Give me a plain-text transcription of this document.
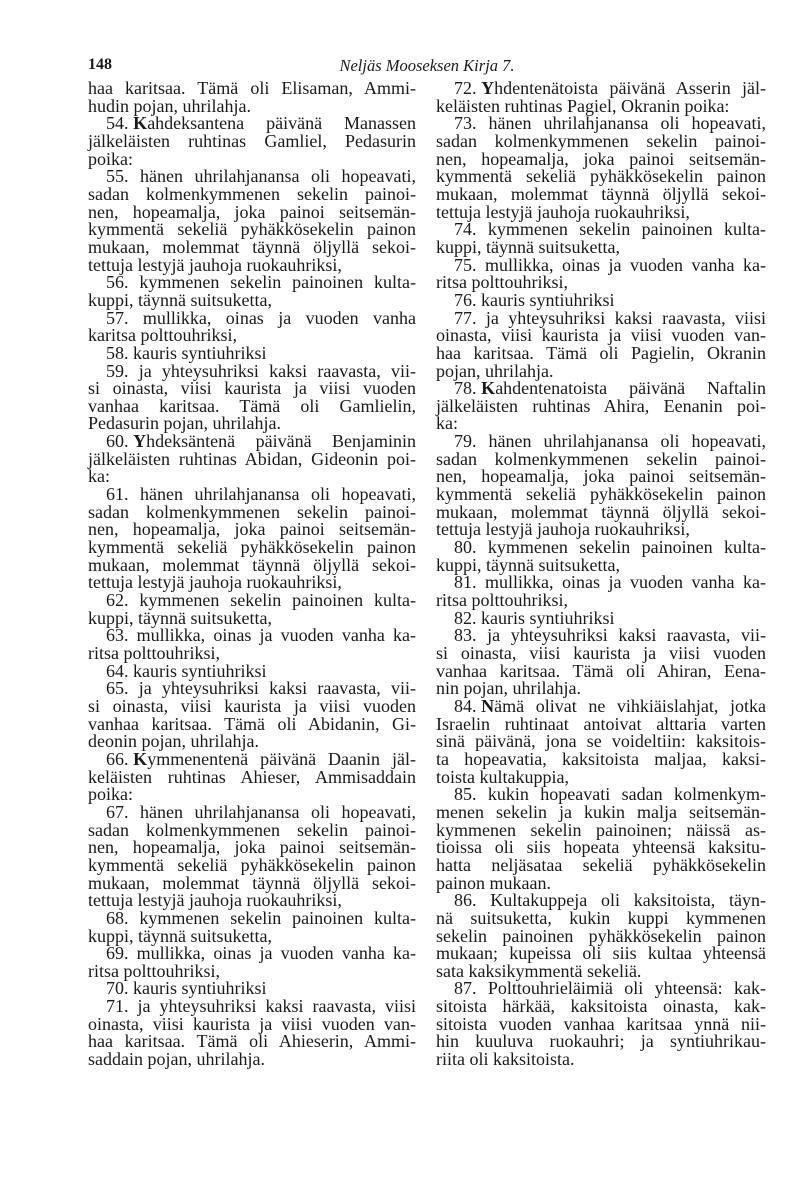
148	Neljäs Mooseksen Kirja 7.
haa karitsaa. Tämä oli Elisaman, Ammi-
hudin pojan, uhrilahja.
54. Kahdeksantena päivänä Manassen
jälkeläisten ruhtinas Gamliel, Pedasurin
poika:
55. hänen uhrilahjanansa oli hopeavati,
sadan kolmenkymmenen sekelin painoi-
nen, hopeamalja, joka painoi seitsemän-
kymmentä sekeliä pyhäkkösekelin painon
mukaan, molemmat täynnä öljyllä sekoi-
tettuja lestyjä jauhoja ruokauhriksi,
56. kymmenen sekelin painoinen kulta-
kuppi, täynnä suitsuketta,
57. mullikka, oinas ja vuoden vanha
karitsa polttouhriksi,
58. kauris syntiuhriksi
59. ja yhteysuhriksi kaksi raavasta, vii-
si oinasta, viisi kaurista ja viisi vuoden
vanhaa karitsaa. Tämä oli Gamlielin,
Pedasurin pojan, uhrilahja.
60. Yhdeksäntenä päivänä Benjaminin
jälkeläisten ruhtinas Abidan, Gideonin poi-
ka:
61. hänen uhrilahjanansa oli hopeavati,
sadan kolmenkymmenen sekelin painoi-
nen, hopeamalja, joka painoi seitsemän-
kymmentä sekeliä pyhäkkösekelin painon
mukaan, molemmat täynnä öljyllä sekoi-
tettuja lestyjä jauhoja ruokauhriksi,
62. kymmenen sekelin painoinen kulta-
kuppi, täynnä suitsuketta,
63. mullikka, oinas ja vuoden vanha ka-
ritsa polttouhriksi,
64. kauris syntiuhriksi
65. ja yhteysuhriksi kaksi raavasta, vii-
si oinasta, viisi kaurista ja viisi vuoden
vanhaa karitsaa. Tämä oli Abidanin, Gi-
deonin pojan, uhrilahja.
66. Kymmenentenä päivänä Daanin jäl-
keläisten ruhtinas Ahieser, Ammisaddain
poika:
67. hänen uhrilahjanansa oli hopeavati,
sadan kolmenkymmenen sekelin painoi-
nen, hopeamalja, joka painoi seitsemän-
kymmentä sekeliä pyhäkkösekelin painon
mukaan, molemmat täynnä öljyllä sekoi-
tettuja lestyjä jauhoja ruokauhriksi,
68. kymmenen sekelin painoinen kulta-
kuppi, täynnä suitsuketta,
69. mullikka, oinas ja vuoden vanha ka-
ritsa polttouhriksi,
70. kauris syntiuhriksi
71. ja yhteysuhriksi kaksi raavasta, viisi
oinasta, viisi kaurista ja viisi vuoden van-
haa karitsaa. Tämä oli Ahieserin, Ammi-
saddain pojan, uhrilahja.
72. Yhdentenätoista päivänä Asserin jäl-
keläisten ruhtinas Pagiel, Okranin poika:
73. hänen uhrilahjanansa oli hopeavati,
sadan kolmenkymmenen sekelin painoi-
nen, hopeamalja, joka painoi seitsemän-
kymmentä sekeliä pyhäkkösekelin painon
mukaan, molemmat täynnä öljyllä sekoi-
tettuja lestyjä jauhoja ruokauhriksi,
74. kymmenen sekelin painoinen kulta-
kuppi, täynnä suitsuketta,
75. mullikka, oinas ja vuoden vanha ka-
ritsa polttouhriksi,
76. kauris syntiuhriksi
77. ja yhteysuhriksi kaksi raavasta, viisi
oinasta, viisi kaurista ja viisi vuoden van-
haa karitsaa. Tämä oli Pagielin, Okranin
pojan, uhrilahja.
78. Kahdentenatoista päivänä Naftalin
jälkeläisten ruhtinas Ahira, Eenanin poi-
ka:
79. hänen uhrilahjanansa oli hopeavati,
sadan kolmenkymmenen sekelin painoi-
nen, hopeamalja, joka painoi seitsemän-
kymmentä sekeliä pyhäkkösekelin painon
mukaan, molemmat täynnä öljyllä sekoi-
tettuja lestyjä jauhoja ruokauhriksi,
80. kymmenen sekelin painoinen kulta-
kuppi, täynnä suitsuketta,
81. mullikka, oinas ja vuoden vanha ka-
ritsa polttouhriksi,
82. kauris syntiuhriksi
83. ja yhteysuhriksi kaksi raavasta, vii-
si oinasta, viisi kaurista ja viisi vuoden
vanhaa karitsaa. Tämä oli Ahiran, Eena-
nin pojan, uhrilahja.
84. Nämä olivat ne vihkiäislahjat, jotka
Israelin ruhtinaat antoivat alttaria varten
sinä päivänä, jona se voideltiin: kaksitois-
ta hopeavatia, kaksitoista maljaa, kaksi-
toista kultakuppia,
85. kukin hopeavati sadan kolmenkym-
menen sekelin ja kukin malja seitsemän-
kymmenen sekelin painoinen; näissä as-
tioissa oli siis hopeata yhteensä kaksitu-
hatta neljäsataa sekeliä pyhäkkösekelin
painon mukaan.
86. Kultakuppeja oli kaksitoista, täyn-
nä suitsuketta, kukin kuppi kymmenen
sekelin painoinen pyhäkkösekelin painon
mukaan; kupeissa oli siis kultaa yhteensä
sata kaksikymmentä sekeliä.
87. Polttouhrieläimiä oli yhteensä: kak-
sitoista härkää, kaksitoista oinasta, kak-
sitoista vuoden vanhaa karitsaa ynnä nii-
hin kuuluva ruokauhri; ja syntiuhrikau-
riita oli kaksitoista.
